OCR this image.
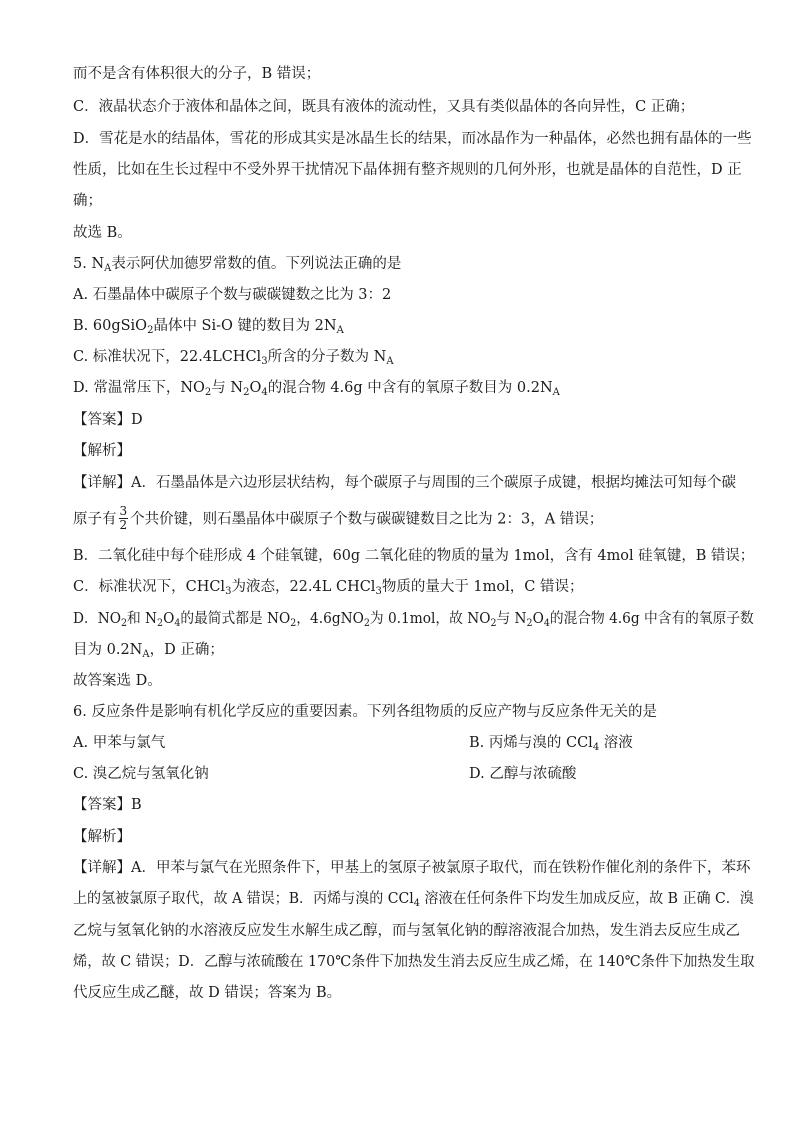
而不是含有体积很大的分子，B 错误；
C．液晶状态介于液体和晶体之间，既具有液体的流动性，又具有类似晶体的各向异性，C 正确；
D．雪花是水的结晶体，雪花的形成其实是冰晶生长的结果，而冰晶作为一种晶体，必然也拥有晶体的一些
性质，比如在生长过程中不受外界干扰情况下晶体拥有整齐规则的几何外形，也就是晶体的自范性，D 正
确；
故选 B。
5. $N_A$表示阿伏加德罗常数的值。下列说法正确的是
A. 石墨晶体中碳原子个数与碳碳键数之比为 3：2
B. 60gSiO$_2$晶体中 Si-O 键的数目为 $2N_A$
C. 标准状况下，22.4LCHCl$_3$所含的分子数为 $N_A$
D. 常温常压下，$NO_2$与 $N_2O_4$的混合物 4.6g 中含有的氧原子数目为 $0.2N_A$
【答案】D
【解析】
【详解】A．石墨晶体是六边形层状结构，每个碳原子与周围的三个碳原子成键，根据均摊法可知每个碳
原子有 $\frac{3}{2}$ 个共价键，则石墨晶体中碳原子个数与碳碳键数目之比为 2：3，A 错误；
B．二氧化硅中每个硅形成 4 个硅氧键，60g 二氧化硅的物质的量为 1mol，含有 4mol 硅氧键，B 错误；
C．标准状况下，CHCl$_3$为液态，22.4L CHCl$_3$物质的量大于 1mol，C 错误；
D．$NO_2$和 $N_2O_4$的最简式都是 $NO_2$，4.6gNO$_2$为 0.1mol，故 $NO_2$与 $N_2O_4$的混合物 4.6g 中含有的氧原子数
目为 $0.2N_A$，D 正确；
故答案选 D。
6. 反应条件是影响有机化学反应的重要因素。下列各组物质的反应产物与反应条件无关的是
A. 甲苯与氯气	B. 丙烯与溴的 CCl$_4$ 溶液
C. 溴乙烷与氢氧化钠	D. 乙醇与浓硫酸
【答案】B
【解析】
【详解】A．甲苯与氯气在光照条件下，甲基上的氢原子被氯原子取代，而在铁粉作催化剂的条件下，苯环
上的氢被氯原子取代，故 A 错误；B．丙烯与溴的 CCl$_4$ 溶液在任何条件下均发生加成反应，故 B 正确 C．溴
乙烷与氢氧化钠的水溶液反应发生水解生成乙醇，而与氢氧化钠的醇溶液混合加热，发生消去反应生成乙
烯，故 C 错误；D．乙醇与浓硫酸在 170℃条件下加热发生消去反应生成乙烯，在 140℃条件下加热发生取
代反应生成乙醚，故 D 错误；答案为 B。
